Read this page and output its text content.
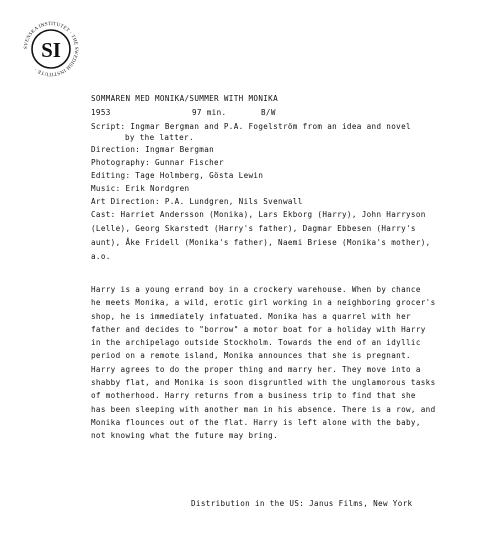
SVENSKA INSTITUTET · THE SWEDISH INSTITUTE ·
SI
SOMMAREN MED MONIKA/SUMMER WITH MONIKA
1953	97 min.	B/W
Script: Ingmar Bergman and P.A. Fogelström from an idea and novel
by the latter.
Direction: Ingmar Bergman
Photography: Gunnar Fischer
Editing: Tage Holmberg, Gösta Lewin
Music: Erik Nordgren
Art Direction: P.A. Lundgren, Nils Svenwall
Cast: Harriet Andersson (Monika), Lars Ekborg (Harry), John Harryson
(Lelle), Georg Skarstedt (Harry's father), Dagmar Ebbesen (Harry's
aunt), Åke Fridell (Monika's father), Naemi Briese (Monika's mother),
a.o.
Harry is a young errand boy in a crockery warehouse. When by chance
he meets Monika, a wild, erotic girl working in a neighboring grocer's
shop, he is immediately infatuated. Monika has a quarrel with her
father and decides to "borrow" a motor boat for a holiday with Harry
in the archipelago outside Stockholm. Towards the end of an idyllic
period on a remote island, Monika announces that she is pregnant.
Harry agrees to do the proper thing and marry her. They move into a
shabby flat, and Monika is soon disgruntled with the unglamorous tasks
of motherhood. Harry returns from a business trip to find that she
has been sleeping with another man in his absence. There is a row, and
Monika flounces out of the flat. Harry is left alone with the baby,
not knowing what the future may bring.
Distribution in the US: Janus Films, New York
